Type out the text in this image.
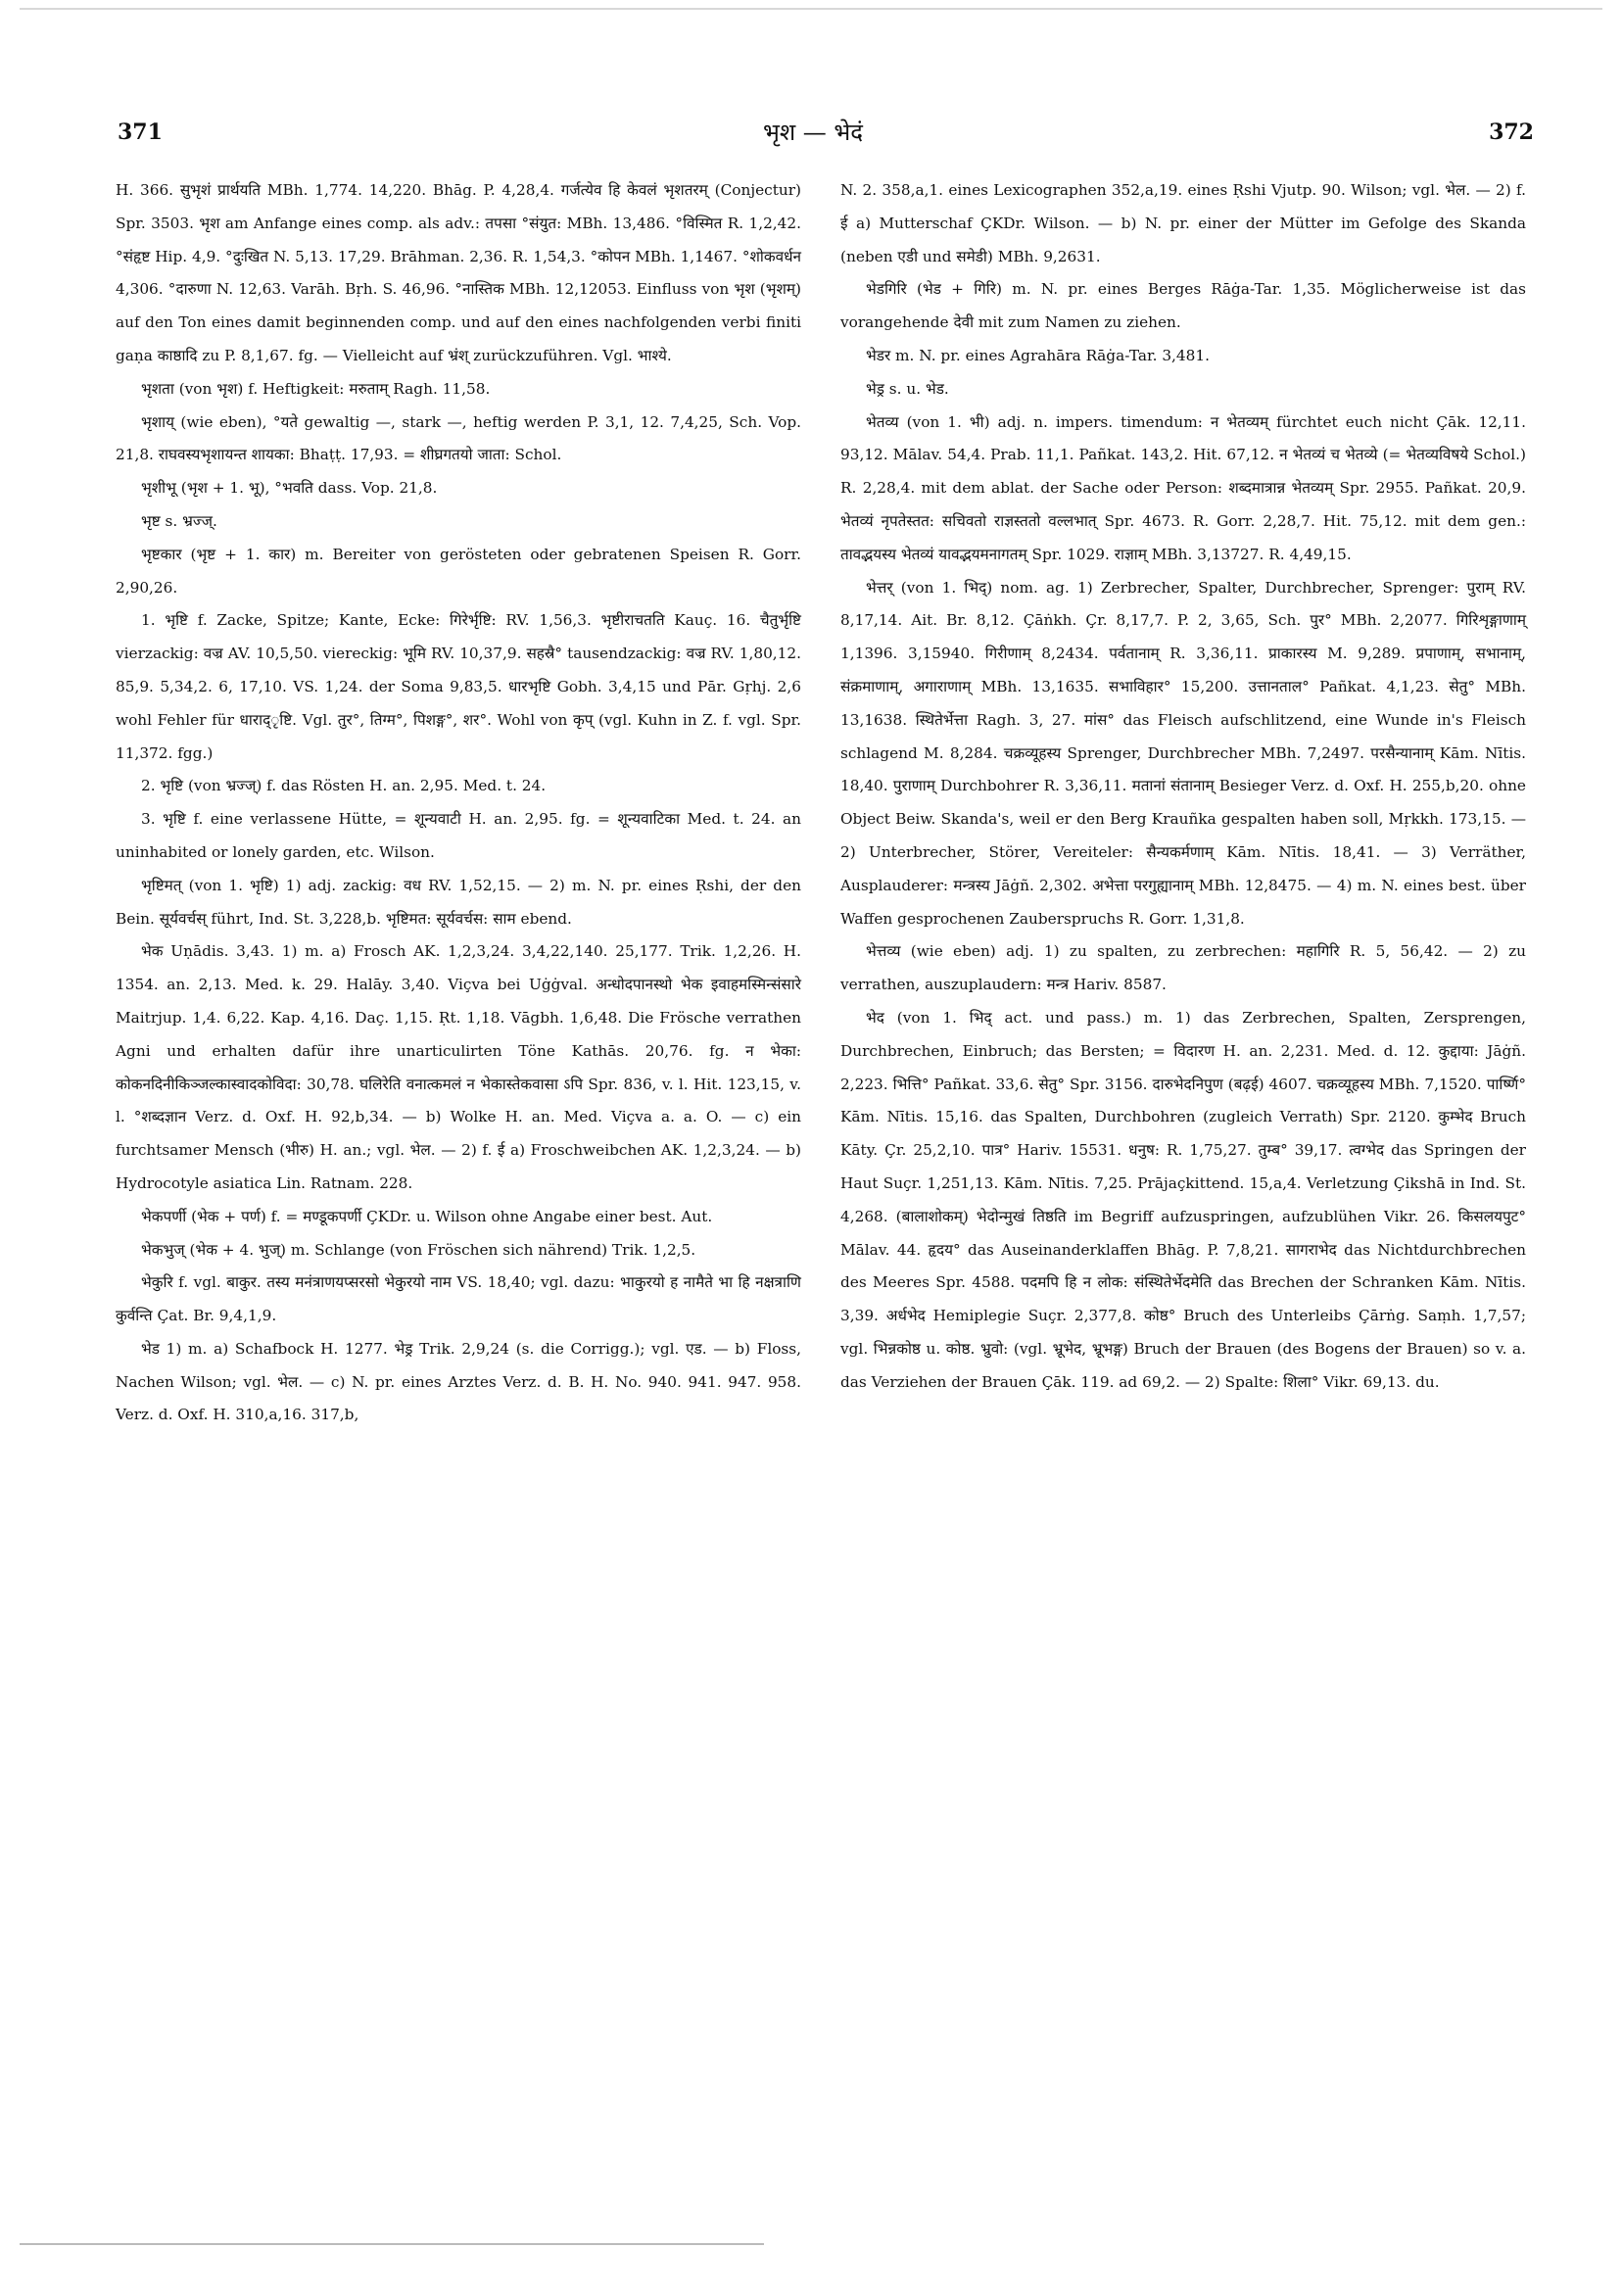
371	भृश — भेदं	372

H. 366. सुभृशं प्रार्थयति MBh. 1,774. 14,220. Bhāg. P. 4,28,4. गर्जत्येव हि केवलं भृशतरम् (Conjectur) Spr. 3503. भृश am Anfange eines comp. als adv.: तपसा °संयुत: MBh. 13,486. °विस्मित R. 1,2,42. °संहृष्ट Hip. 4,9. °दुःखित N. 5,13. 17,29. Brāhman. 2,36. R. 1,54,3. °कोपन MBh. 1,1467. °शोकवर्धन 4,306. °दारुणा N. 12,63. Varāh. Bṛh. S. 46,96. °नास्तिक MBh. 12,12053. Einfluss von भृश (भृशम्) auf den Ton eines damit beginnenden comp. und auf den eines nachfolgenden verbi finiti gaṇa काष्ठादि zu P. 8,1,67. fg. — Vielleicht auf भ्रंश् zurückzuführen. Vgl. भाश्ये.

भृशता (von भृश) f. Heftigkeit: मरुताम् Ragh. 11,58.

भृशाय् (wie eben), °यते gewaltig —, stark —, heftig werden P. 3,1, 12. 7,4,25, Sch. Vop. 21,8. राघवस्यभृशायन्त शायका: Bhaṭṭ. 17,93. = शीघ्रगतयो जाता: Schol.

भृशीभू (भृश + 1. भू), °भवति dass. Vop. 21,8.

भृष्ट s. भ्रज्ज्.

भृष्टकार (भृष्ट + 1. कार) m. Bereiter von gerösteten oder gebratenen Speisen R. Gorr. 2,90,26.

1. भृष्टि f. Zacke, Spitze; Kante, Ecke: गिरेर्भृष्टि: RV. 1,56,3. भृष्टीराचतति Kauç. 16. चैतुर्भृष्टि vierzackig: वज्र AV. 10,5,50. viereckig: भूमि RV. 10,37,9. सहस्रै° tausendzackig: वज्र RV. 1,80,12. 85,9. 5,34,2. 6, 17,10. VS. 1,24. der Soma 9,83,5. धारभृष्टि Gobh. 3,4,15 und Pār. Gṛhj. 2,6 wohl Fehler für धाराद्ृष्टि. Vgl. तुर°, तिग्म°, पिशङ्ग°, शर°. Wohl von कृप् (vgl. Kuhn in Z. f. vgl. Spr. 11,372. fgg.)

2. भृष्टि (von भ्रज्ज्) f. das Rösten H. an. 2,95. Med. t. 24.

3. भृष्टि f. eine verlassene Hütte, = शून्यवाटी H. an. 2,95. fg. = शून्यवाटिका Med. t. 24. an uninhabited or lonely garden, etc. Wilson.

भृष्टिमत् (von 1. भृष्टि) 1) adj. zackig: वध RV. 1,52,15. — 2) m. N. pr. eines Ṛshi, der den Bein. सूर्यवर्चस् führt, Ind. St. 3,228,b. भृष्टिमत: सूर्यवर्चस: साम ebend.

भेक Uṇādis. 3,43. 1) m. a) Frosch AK. 1,2,3,24. 3,4,22,140. 25,177. Trik. 1,2,26. H. 1354. an. 2,13. Med. k. 29. Halāy. 3,40. Viçva bei Uġġval. अन्धोदपानस्थो भेक इवाहमस्मिन्संसारे Maitrjup. 1,4. 6,22. Kap. 4,16. Daç. 1,15. Ṛt. 1,18. Vāgbh. 1,6,48. Die Frösche verrathen Agni und erhalten dafür ihre unarticulirten Töne Kathās. 20,76. fg. न भेका: कोकनदिनीकिञ्जल्कास्वादकोविदा: 30,78. घलिरेति वनात्कमलं न भेकास्तेकवासा ऽपि Spr. 836, v. l. Hit. 123,15, v. l. °शब्दज्ञान Verz. d. Oxf. H. 92,b,34. — b) Wolke H. an. Med. Viçva a. a. O. — c) ein furchtsamer Mensch (भीरु) H. an.; vgl. भेल. — 2) f. ई a) Froschweibchen AK. 1,2,3,24. — b) Hydrocotyle asiatica Lin. Ratnam. 228.

भेकपर्णी (भेक + पर्ण) f. = मण्डूकपर्णी ÇKDr. u. Wilson ohne Angabe einer best. Aut.

भेकभुज् (भेक + 4. भुज्) m. Schlange (von Fröschen sich nährend) Trik. 1,2,5.

भेकुरि f. vgl. बाकुर. तस्य मनंत्राणयप्सरसो भेकुरयो नाम VS. 18,40; vgl. dazu: भाकुरयो ह नामैते भा हि नक्षत्राणि कुर्वन्ति Çat. Br. 9,4,1,9.

भेड 1) m. a) Schafbock H. 1277. भेड्र Trik. 2,9,24 (s. die Corrigg.); vgl. एड. — b) Floss, Nachen Wilson; vgl. भेल. — c) N. pr. eines Arztes Verz. d. B. H. No. 940. 941. 947. 958. Verz. d. Oxf. H. 310,a,16. 317,b,

N. 2. 358,a,1. eines Lexicographen 352,a,19. eines Ṛshi Vjutp. 90. Wilson; vgl. भेल. — 2) f. ई a) Mutterschaf ÇKDr. Wilson. — b) N. pr. einer der Mütter im Gefolge des Skanda (neben एडी und समेडी) MBh. 9,2631.

भेडगिरि (भेड + गिरि) m. N. pr. eines Berges Rāġa-Tar. 1,35. Möglicherweise ist das vorangehende देवी mit zum Namen zu ziehen.

भेडर m. N. pr. eines Agrahāra Rāġa-Tar. 3,481.

भेड्र s. u. भेड.

भेतव्य (von 1. भी) adj. n. impers. timendum: न भेतव्यम् fürchtet euch nicht Çāk. 12,11. 93,12. Mālav. 54,4. Prab. 11,1. Pañkat. 143,2. Hit. 67,12. न भेतव्यं च भेतव्ये (= भेतव्यविषये Schol.) R. 2,28,4. mit dem ablat. der Sache oder Person: शब्दमात्रान्न भेतव्यम् Spr. 2955. Pañkat. 20,9. भेतव्यं नृपतेस्तत: सचिवतो राज्ञस्ततो वल्लभात् Spr. 4673. R. Gorr. 2,28,7. Hit. 75,12. mit dem gen.: तावद्भयस्य भेतव्यं यावद्भयमनागतम् Spr. 1029. राज्ञाम् MBh. 3,13727. R. 4,49,15.

भेत्तर् (von 1. भिद्) nom. ag. 1) Zerbrecher, Spalter, Durchbrecher, Sprenger: पुराम् RV. 8,17,14. Ait. Br. 8,12. Çāṅkh. Çr. 8,17,7. P. 2, 3,65, Sch. पुर° MBh. 2,2077. गिरिशृङ्गाणाम् 1,1396. 3,15940. गिरीणाम् 8,2434. पर्वतानाम् R. 3,36,11. प्राकारस्य M. 9,289. प्रपाणाम्, सभानाम्, संक्रमाणाम्, अगाराणाम् MBh. 13,1635. सभाविहार° 15,200. उत्तानताल° Pañkat. 4,1,23. सेतु° MBh. 13,1638. स्थितेर्भेत्ता Ragh. 3, 27. मांस° das Fleisch aufschlitzend, eine Wunde in's Fleisch schlagend M. 8,284. चक्रव्यूहस्य Sprenger, Durchbrecher MBh. 7,2497. परसैन्यानाम् Kām. Nītis. 18,40. पुराणाम् Durchbohrer R. 3,36,11. मतानां संतानाम् Besieger Verz. d. Oxf. H. 255,b,20. ohne Object Beiw. Skanda's, weil er den Berg Krauñka gespalten haben soll, Mṛkkh. 173,15. — 2) Unterbrecher, Störer, Vereiteler: सैन्यकर्मणाम् Kām. Nītis. 18,41. — 3) Verräther, Ausplauderer: मन्त्रस्य Jāġñ. 2,302. अभेत्ता परगुह्यानाम् MBh. 12,8475. — 4) m. N. eines best. über Waffen gesprochenen Zauberspruchs R. Gorr. 1,31,8.

भेत्तव्य (wie eben) adj. 1) zu spalten, zu zerbrechen: महागिरि R. 5, 56,42. — 2) zu verrathen, auszuplaudern: मन्त्र Hariv. 8587.

भेद (von 1. भिद् act. und pass.) m. 1) das Zerbrechen, Spalten, Zersprengen, Durchbrechen, Einbruch; das Bersten; = विदारण H. an. 2,231. Med. d. 12. कुद्दाया: Jāġñ. 2,223. भित्ति° Pañkat. 33,6. सेतु° Spr. 3156. दारुभेदनिपुण (बढ़ई) 4607. चक्रव्यूहस्य MBh. 7,1520. पार्ष्णि° Kām. Nītis. 15,16. das Spalten, Durchbohren (zugleich Verrath) Spr. 2120. कुम्भेद Bruch Kāty. Çr. 25,2,10. पात्र° Hariv. 15531. धनुष: R. 1,75,27. तुम्ब° 39,17. त्वग्भेद das Springen der Haut Suçr. 1,251,13. Kām. Nītis. 7,25. Prājaçkittend. 15,a,4. Verletzung Çikshā in Ind. St. 4,268. (बालाशोकम्) भेदोन्मुखं तिष्ठति im Begriff aufzuspringen, aufzublühen Vikr. 26. किसलयपुट° Mālav. 44. हृदय° das Auseinanderklaffen Bhāg. P. 7,8,21. सागराभेद das Nichtdurchbrechen des Meeres Spr. 4588. पदमपि हि न लोक: संस्थितेर्भेदमेति das Brechen der Schranken Kām. Nītis. 3,39. अर्धभेद Hemiplegie Suçr. 2,377,8. कोष्ठ° Bruch des Unterleibs Çārṅg. Saṃh. 1,7,57; vgl. भिन्नकोष्ठ u. कोष्ठ. भ्रुवो: (vgl. भ्रूभेद, भ्रूभङ्ग) Bruch der Brauen (des Bogens der Brauen) so v. a. das Verziehen der Brauen Çāk. 119. ad 69,2. — 2) Spalte: शिला° Vikr. 69,13. du.
